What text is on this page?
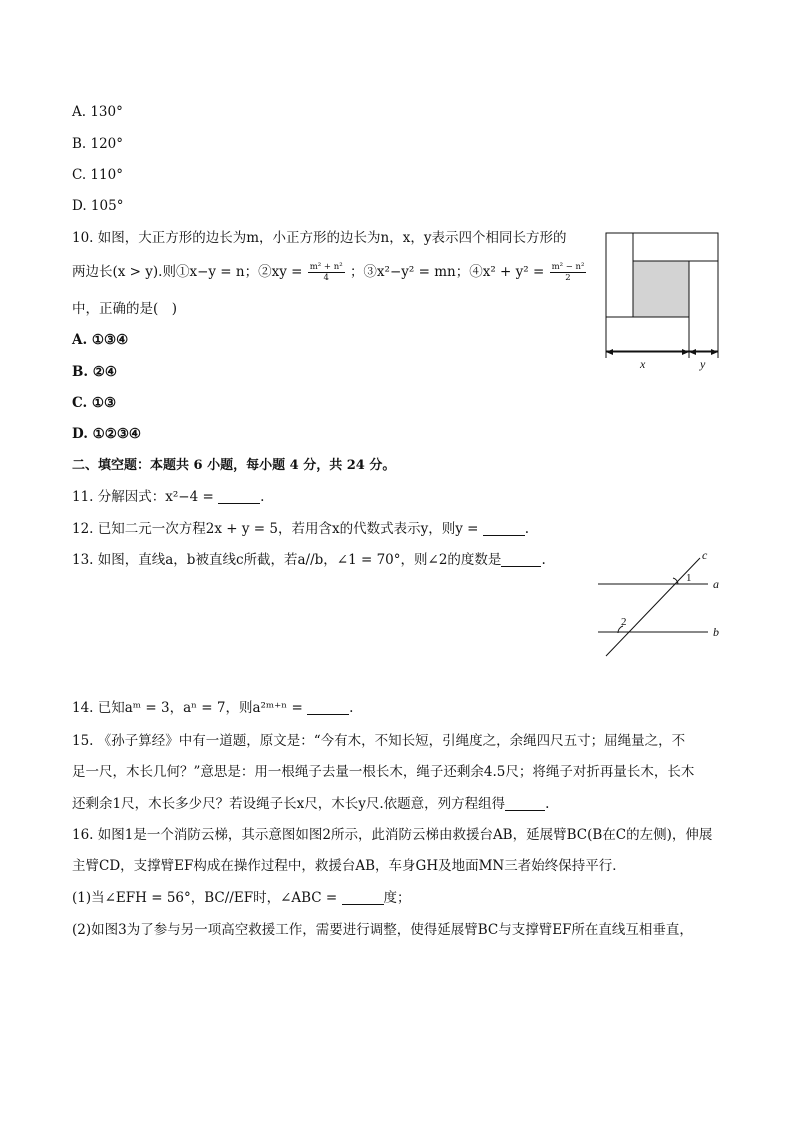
A. 130°
B. 120°
C. 110°
D. 105°
10. 如图，大正方形的边长为m，小正方形的边长为n，x，y表示四个相同长方形的
两边长(x > y).则①x−y = n；②xy = $\frac{\text{m² + n²}}{4}$ ；③x²−y² = mn；④x² + $y^2 = \frac{\text{m² − n²}}{2}$
中，正确的是(　)
A. ①③④
B. ②④
C. ①③
D. ①②③④
x	y
二、填空题：本题共 6 小题，每小题 4 分，共 24 分。
11. 分解因式：x²−4 =	.
12. 已知二元一次方程2x + y = 5，若用含x的代数式表示y，则y =	.
13. 如图，直线a，b被直线c所截，若a//b，∠1 = 70°，则∠2的度数是	.	c
a
b
1
2
14. 已知aᵐ = 3，aⁿ = 7，则a²ᵐ⁺ⁿ =	.
15. 《孙子算经》中有一道题，原文是：“今有木，不知长短，引绳度之，余绳四尺五寸；屈绳量之，不
足一尺，木长几何？”意思是：用一根绳子去量一根长木，绳子还剩余4.5尺；将绳子对折再量长木，长木
还剩余1尺，木长多少尺？若设绳子长x尺，木长y尺.依题意，列方程组得	.
16. 如图1是一个消防云梯，其示意图如图2所示，此消防云梯由救援台AB，延展臂BC(B在C的左侧)，伸展
主臂CD，支撑臂EF构成在操作过程中，救援台AB，车身GH及地面MN三者始终保持平行．
(1)当∠EFH = 56°，BC//EF时，∠ABC =	度；
(2)如图3为了参与另一项高空救援工作，需要进行调整，使得延展臂BC与支撑臂EF所在直线互相垂直，
